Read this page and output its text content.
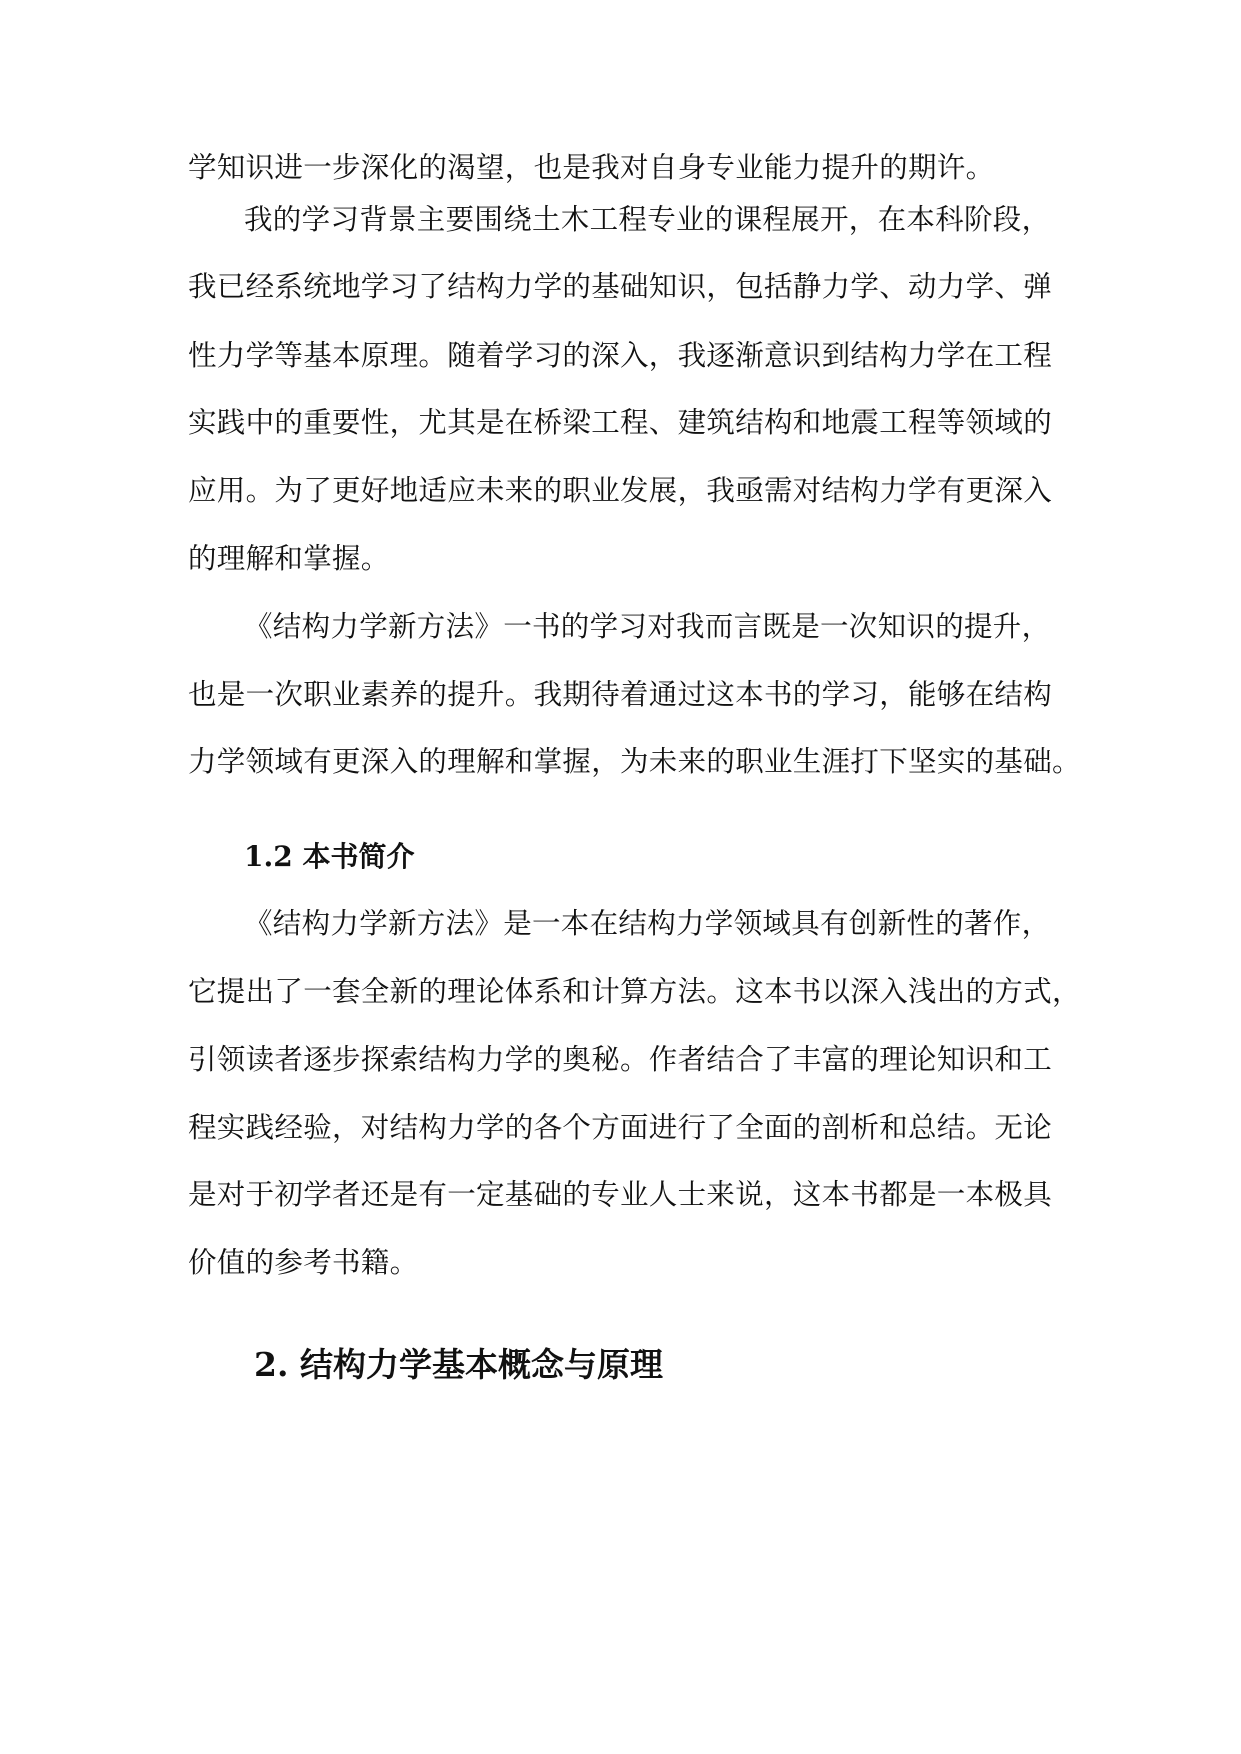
学知识进一步深化的渴望，也是我对自身专业能力提升的期许。
我的学习背景主要围绕土木工程专业的课程展开，在本科阶段，
我已经系统地学习了结构力学的基础知识，包括静力学、动力学、弹
性力学等基本原理。随着学习的深入，我逐渐意识到结构力学在工程
实践中的重要性，尤其是在桥梁工程、建筑结构和地震工程等领域的
应用。为了更好地适应未来的职业发展，我亟需对结构力学有更深入
的理解和掌握。
《结构力学新方法》一书的学习对我而言既是一次知识的提升，
也是一次职业素养的提升。我期待着通过这本书的学习，能够在结构
力学领域有更深入的理解和掌握，为未来的职业生涯打下坚实的基础。
1.2 本书简介
《结构力学新方法》是一本在结构力学领域具有创新性的著作，
它提出了一套全新的理论体系和计算方法。这本书以深入浅出的方式，
引领读者逐步探索结构力学的奥秘。作者结合了丰富的理论知识和工
程实践经验，对结构力学的各个方面进行了全面的剖析和总结。无论
是对于初学者还是有一定基础的专业人士来说，这本书都是一本极具
价值的参考书籍。
2. 结构力学基本概念与原理
